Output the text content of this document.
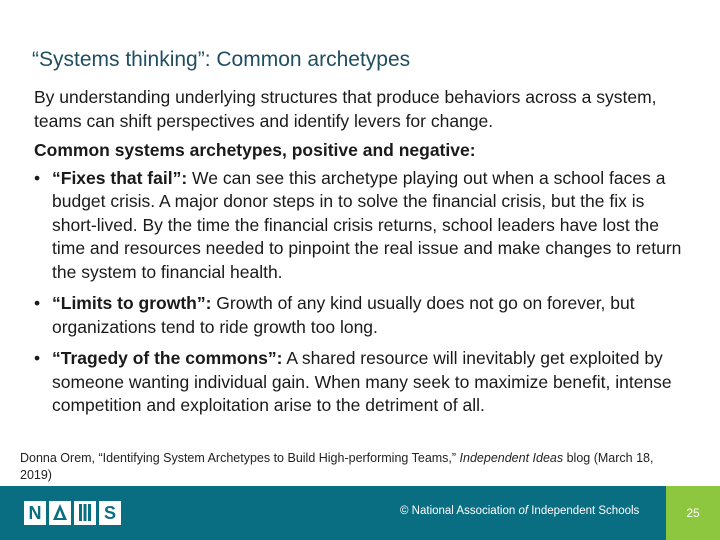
“Systems thinking”: Common archetypes

By understanding underlying structures that produce behaviors across a system, teams can shift perspectives and identify levers for change.

Common systems archetypes, positive and negative:

• “Fixes that fail”: We can see this archetype playing out when a school faces a budget crisis. A major donor steps in to solve the financial crisis, but the fix is short-lived. By the time the financial crisis returns, school leaders have lost the time and resources needed to pinpoint the real issue and make changes to return the system to financial health.
• “Limits to growth”: Growth of any kind usually does not go on forever, but organizations tend to ride growth too long.
• “Tragedy of the commons”: A shared resource will inevitably get exploited by someone wanting individual gain. When many seek to maximize benefit, intense competition and exploitation arise to the detriment of all.
Donna Orem, “Identifying System Archetypes to Build High-performing Teams,” Independent Ideas blog (March 18, 2019)
N	S	© National Association of Independent Schools	25
